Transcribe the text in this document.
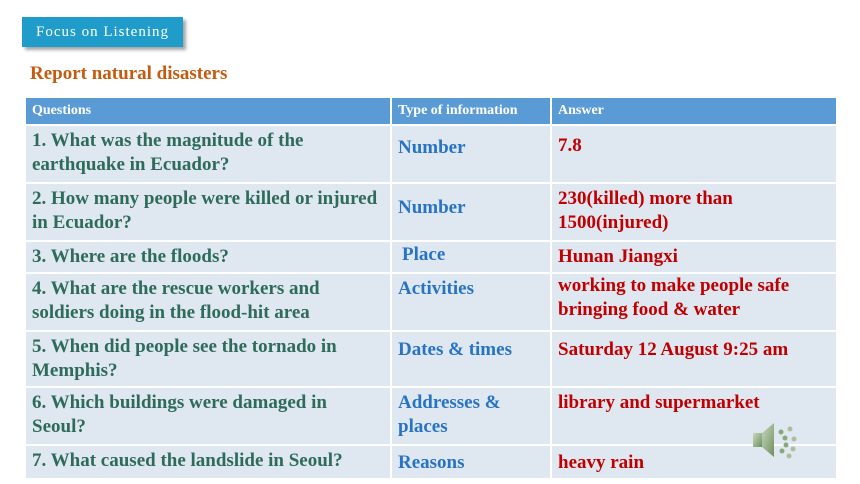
Focus on Listening
Report natural disasters
Questions	Type of information	Answer
1. What was the magnitude of the earthquake in Ecuador?	Number	7.8
2. How many people were killed or injured in Ecuador?	Number	230(killed) more than 1500(injured)
3. Where are the floods?	Place	Hunan Jiangxi
4. What are the rescue workers and soldiers doing in the flood-hit area	Activities	working to make people safe bringing food & water
5. When did people see the tornado in Memphis?	Dates & times	Saturday 12 August 9:25 am
6. Which buildings were damaged in Seoul?	Addresses & places	library and supermarket
7. What caused the landslide in Seoul?	Reasons	heavy rain
